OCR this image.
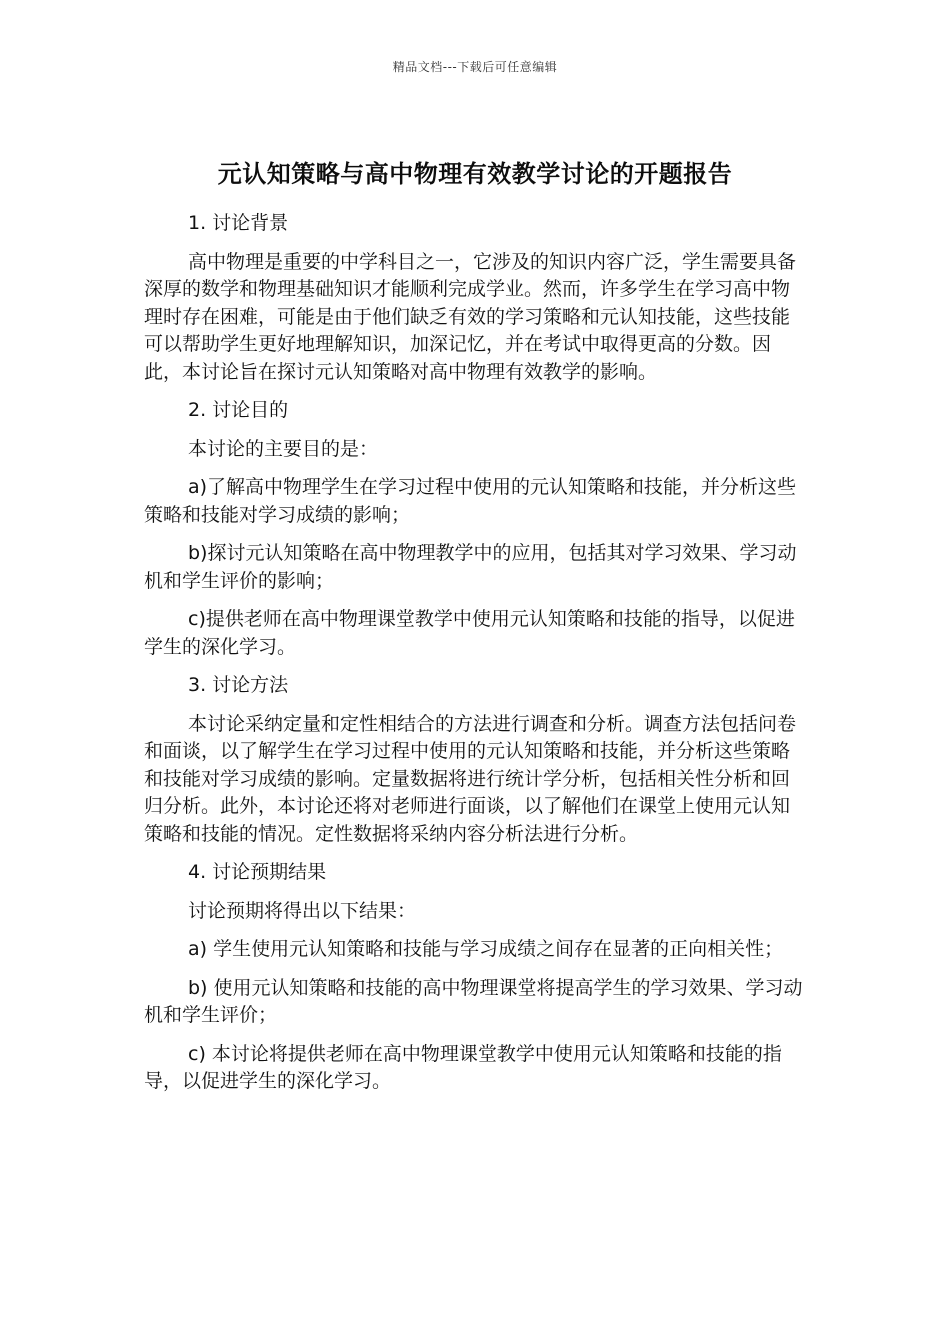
精品文档---下载后可任意编辑
元认知策略与高中物理有效教学讨论的开题报告

1. 讨论背景

高中物理是重要的中学科目之一，它涉及的知识内容广泛，学生需要具备深厚的数学和物理基础知识才能顺利完成学业。然而，许多学生在学习高中物理时存在困难，可能是由于他们缺乏有效的学习策略和元认知技能，这些技能可以帮助学生更好地理解知识，加深记忆，并在考试中取得更高的分数。因此，本讨论旨在探讨元认知策略对高中物理有效教学的影响。

2. 讨论目的

本讨论的主要目的是：

a)了解高中物理学生在学习过程中使用的元认知策略和技能，并分析这些策略和技能对学习成绩的影响；

b)探讨元认知策略在高中物理教学中的应用，包括其对学习效果、学习动机和学生评价的影响；

c)提供老师在高中物理课堂教学中使用元认知策略和技能的指导，以促进学生的深化学习。

3. 讨论方法

本讨论采纳定量和定性相结合的方法进行调查和分析。调查方法包括问卷和面谈，以了解学生在学习过程中使用的元认知策略和技能，并分析这些策略和技能对学习成绩的影响。定量数据将进行统计学分析，包括相关性分析和回归分析。此外，本讨论还将对老师进行面谈，以了解他们在课堂上使用元认知策略和技能的情况。定性数据将采纳内容分析法进行分析。

4. 讨论预期结果

讨论预期将得出以下结果：

a) 学生使用元认知策略和技能与学习成绩之间存在显著的正向相关性；

b) 使用元认知策略和技能的高中物理课堂将提高学生的学习效果、学习动机和学生评价；

c) 本讨论将提供老师在高中物理课堂教学中使用元认知策略和技能的指导，以促进学生的深化学习。
